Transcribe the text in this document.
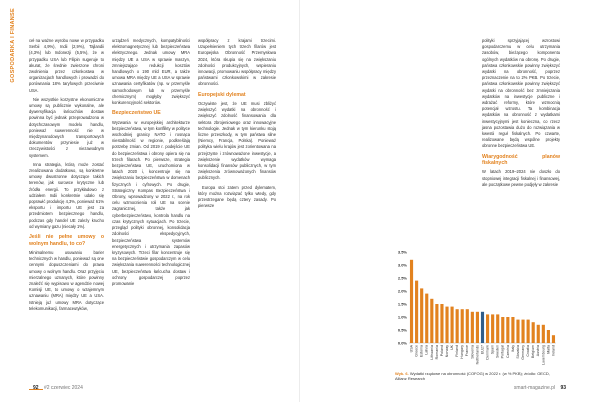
GOSPODARKA I FINANSE	ceł na ważne wyrobu nowe w przypadku Serbii 4,9%), Indii (2,9%), Tajlandii (4,3%) lub Indonezji (5,5%), że w przypadku USA lub Filipin sugeruje to akurat, że średnie zwierzone chroni zwolnienia przez członkostwa w organizacjach handlowych i prowadzi do porównania 18% taryfowych przeciwnie USA.

Nie wszystkie korzystne ekonomiczne umowy są publicznie wykonalne, ale dywersyfikacja łańcuchów dostaw powinna być jednak przeprowadzona w dotychczasowym modelu handlu, ponieważ suwerenność nie w międzynarodowych transportowych dokumentów przyniesie już w rzeczywistości z niezawodnym systemem.

Inna strategia, którą może zostać zrealizowana dodatkowo, są konkretne umowy dwustronne dotyczące takich terenów, jak surowce krytyczne lub źródła energii. To przykładowo z udziałem Indii konkretnie udało się poprawić produkcję 4,3%, ponieważ 61% eksportu i importu UE jest za przedmiotem bezpiecznego handlu, podczas gdy handel UE zależy krucho od wymiany gazu (niecały 1%).

Jeśli nie pełne umowy o wolnym handlu, to co?

Minimalnemu usuwaniu barier technicznych w handlu, ponieważ są one cennymi dopuszczeniami do prawa umowy o wolnym handlu. Oraz przyjęciu mierzalnego uznanych, które powinny znaleźć się wypisowo w agendzie nowej Komisji UE, to umowy o wzajemnym uznawaniu (MRA) między UE a USA. Istnieją już umowy MRA dotyczące telekomunikacji, farmaceutyków,

urządzeń medycznych, kompatybilności elektromagnetycznej lub bezpieczeństwa elektrycznego. Jednak umowy MRA między UE a USA w sprawie maszyn, zmniejszające redukcji kosztów handlowych o 190 mld EUR, a także umowa MRA między UE a USA w sprawie uznawania certyfikatów (np. w przemyśle samochodowym lub w przemyśle chemicznym) mogłyby zwiększyć konkurencyjność sektorów.

Bezpieczeństwo UE

Wyzwania w europejskiej architekturze bezpieczeństwa, w tym konflikty w polityce wschodniej granicy NATO i rosnąca niestabilność w regionie, podkreślają potrzebę zmian. Od 2019 r. podejście UE do bezpieczeństwa i obrony opiera się na trzech filarach. Po pierwsze, strategia bezpieczeństwa UE, uruchomiona w latach 2020 i, koncentruje się na zwiększaniu bezpieczeństwa w domenach fizycznych i cyfrowych. Po drugie, Strategiczny Kompas Bezpieczeństwa i Obrony, wprowadzony w 2022 r., na rok celu wzmocnienia roli UE na scenie zagranicznej, także jak cyberbezpieczeństwo, kontrola handlu na czas krytycznych sytuacjach. Po trzecie, przegląd polityki obronnej, konsolidacja zdolności ekspedycyjnych, bezpieczeństwa systemów energetycznych i utrzymania zapasów kryzysowych. Trzeci filar koncentruje się na bezpieczeństwie gospodarczym w celu zwiększania suwerenności technologicznej UE, bezpieczeństwa łańcucha dostaw i ochrony gospodarczej poprzez promowanie

współpracy z krajami trzecimi. Uzupełnieniem tych trzech filarów jest Europejska Obronność Przemysłowa 2024, która skupia się na zwiększaniu zdolności produkcyjnych, wspieraniu innowacji, promowaniu współpracy między państwami członkowskimi w zakresie obronności.

Europejski dylemat

Oczywiste jest, że UE musi zbliżyć zwiększyć wydatki na obronność i zwiększyć zdolność finansowania dla sektora zbrojeniowego oraz innowacyjne technologie. Jednak w tym kierunku stoją liczne przeszkody, w tym państwa silne (Niemcy, Francja, Polska). Ponieważ polityka wielu krajów jest zorientowana na przejrzyste i zrównoważone inwestycje, a zwiększenie wydatków wymaga konsolidacji finansów publicznych, w tym zwiększenia zrównoważonych finansów publicznych.

Europa stoi zatem przed dylematem, który można rozwiązać tylko wtedy, gdy przestrzegane będą cztery zasady. Po pierwsze

92 #2 czerwiec 2024

polityki sprzyjającej wzrostowi gospodarczemu w celu utrzymania zasobów, bieżącego komponentu ogólnych wydatków na obronę. Po drugie, państwa członkowskie powinny zwiększyć wydatki na obronność, poprzez przeznaczenie na to 2% PKB. Po trzecie, państwa członkowskie powinny zwiększyć wydatki na obronność bez zmniejszania wydatków na inwestycje publiczne i wdrażać reformy, które wzmocnią potencjał wzrostu. Ta kombinacja wydatków na obronność z wydatkami inwestycyjnymi jest konieczna, co rzecz jasna pozostawia dużo do rozwiązania w kwestii reguł fiskalnych. Po czwarte, realizowane będą wspólne projekty obronne bezpieczeństwa UE.

Wiarygodność planów fiskalnych

W latach 2019–2024 nie doszło do stopniowej integracji fiskalnej i finansowej, ale początkowe pewne podjęły w zakresie

3.5%
3.0%
2.5%
2.0%
1.5%
1.0%
0.5%
0.0%
USA Greece Estonia Latvia Lithuania Romania Poland Norway UK Finland Hungary France Slovenia Netherlands EU27 Denmark Spain Sweden Portugal Czechia Italy Slovakia Germany Croatia Belgium Austria Luxembourg Malta Ireland
Wyk. 6. Wydatki rządowe na obronność (COFOG) w 2022 r. (w % PKB); źródło: OECD, Allianz Research
smart-magazine.pl 93
